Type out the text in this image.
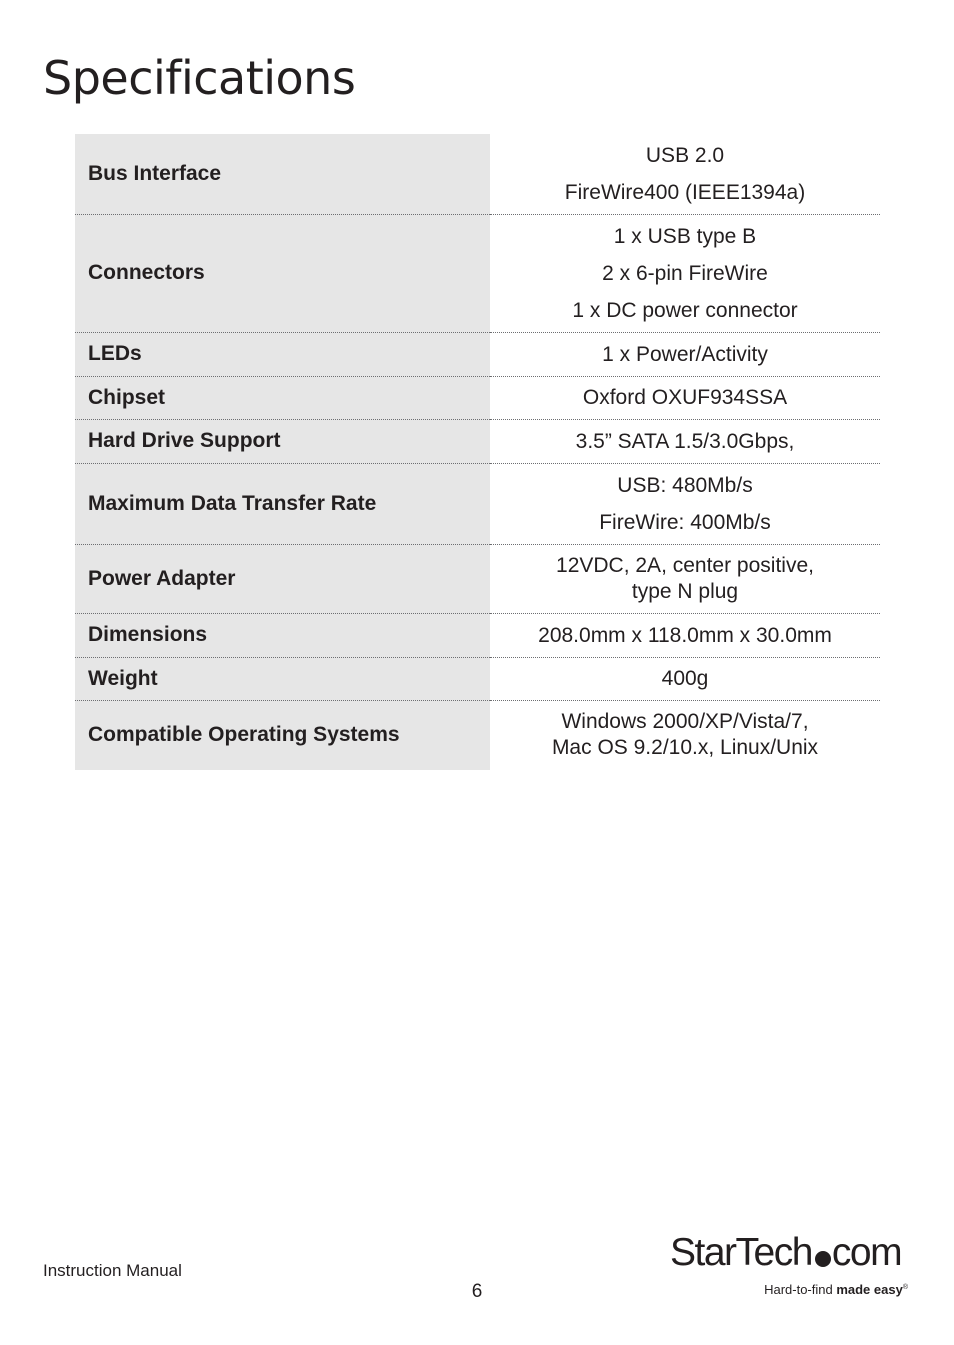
Specifications
Bus Interface	USB 2.0
FireWire400 (IEEE1394a)

Connectors	1 x USB type B
2 x 6-pin FireWire
1 x DC power connector

LEDs	1 x Power/Activity

Chipset	Oxford OXUF934SSA

Hard Drive Support	3.5” SATA 1.5/3.0Gbps,

Maximum Data Transfer Rate	USB: 480Mb/s
FireWire: 400Mb/s

Power Adapter	12VDC, 2A, center positive,
type N plug

Dimensions	208.0mm x 118.0mm x 30.0mm

Weight	400g

Compatible Operating Systems	Windows 2000/XP/Vista/7,
Mac OS 9.2/10.x, Linux/Unix
Instruction Manual
6
StarTech com
Hard-to-find made easy®
